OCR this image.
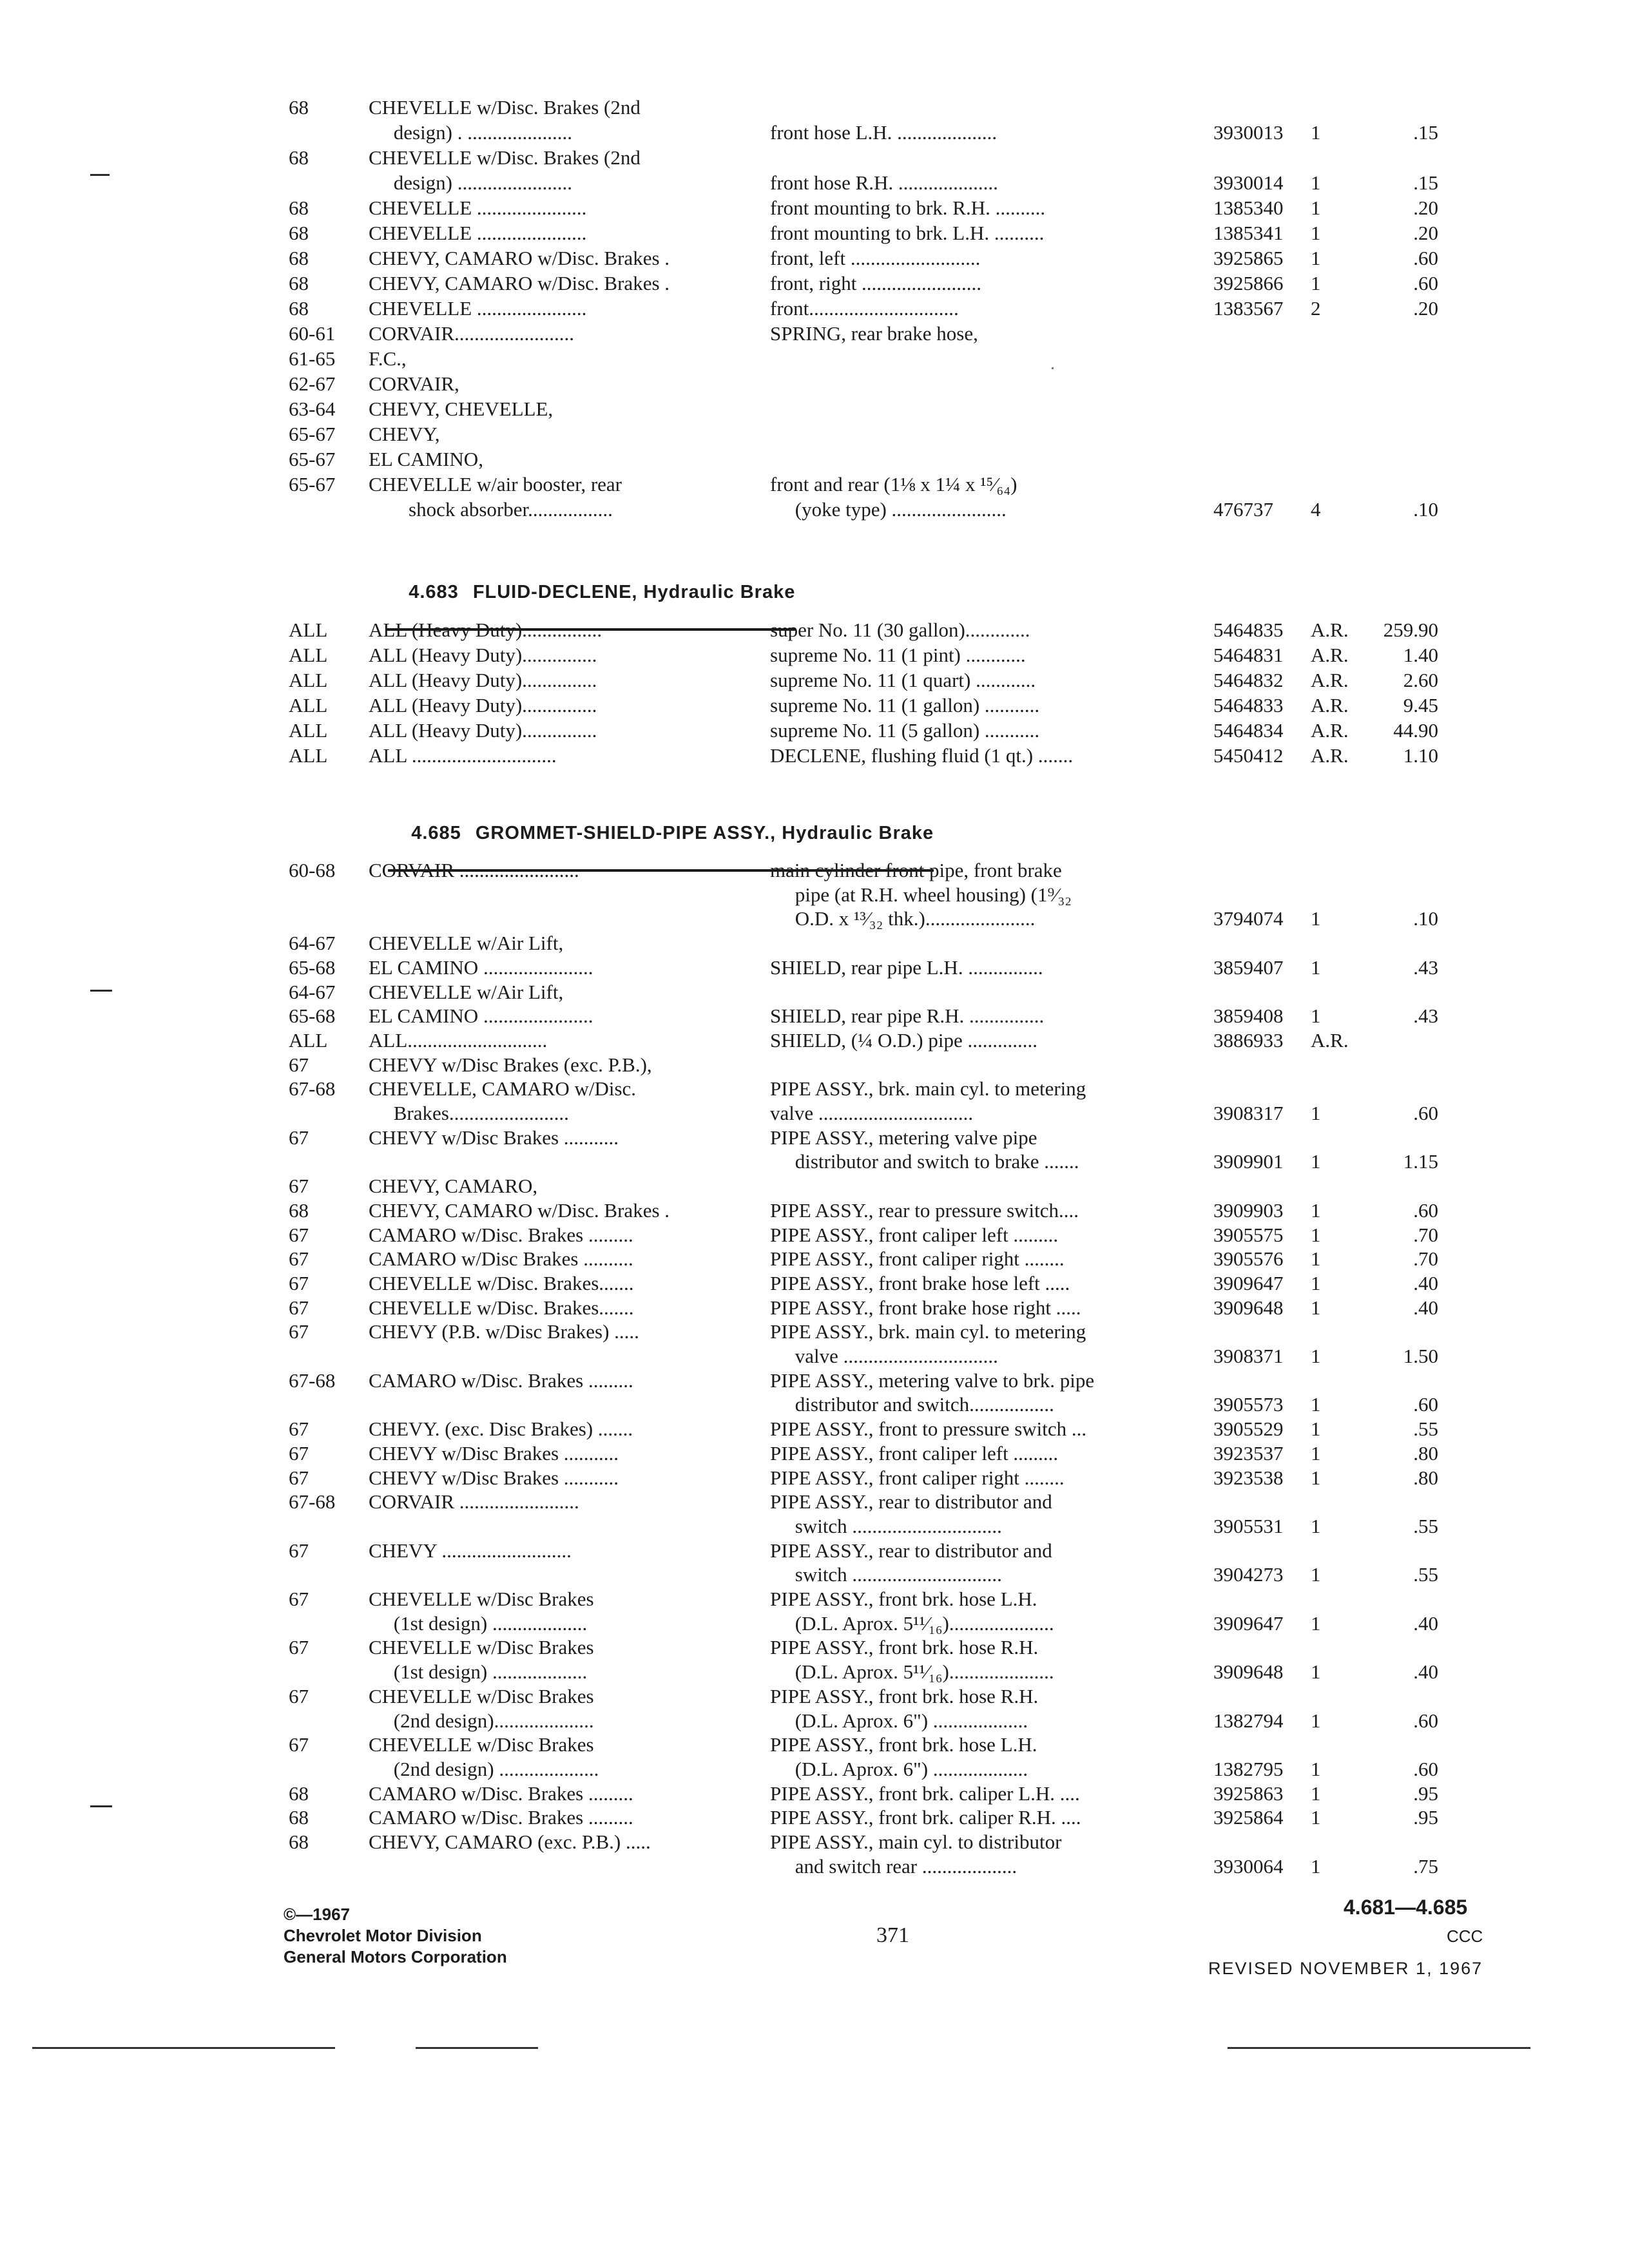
68	CHEVELLE w/Disc. Brakes (2nd
design) . .....................	front hose L.H. ....................	3930013 1	.15
68	CHEVELLE w/Disc. Brakes (2nd
design) .......................	front hose R.H. ....................	3930014 1	.15
68	CHEVELLE ......................	front mounting to brk. R.H. ..........	1385340 1	.20
68	CHEVELLE ......................	front mounting to brk. L.H. ..........	1385341 1	.20
68	CHEVY, CAMARO w/Disc. Brakes .	front, left ..........................	3925865 1	.60
68	CHEVY, CAMARO w/Disc. Brakes .	front, right ........................	3925866 1	.60
68	CHEVELLE ......................	front..............................	1383567 2	.20
60-61 CORVAIR........................	SPRING, rear brake hose,
61-65 F.C.,
62-67 CORVAIR,
63-64 CHEVY, CHEVELLE,
65-67 CHEVY,
65-67 EL CAMINO,
65-67 CHEVELLE w/air booster, rear	front and rear (1⅛ x 1¼ x ¹⁵⁄₆₄)
shock absorber.................	(yoke type) .......................	476737 4	.10

4.683 FLUID-DECLENE, Hydraulic Brake

ALL ALL (Heavy Duty)................	super No. 11 (30 gallon).............	5464835 A.R.	259.90
ALL ALL (Heavy Duty)...............	supreme No. 11 (1 pint) ............	5464831 A.R.	1.40
ALL ALL (Heavy Duty)...............	supreme No. 11 (1 quart) ............	5464832 A.R.	2.60
ALL ALL (Heavy Duty)...............	supreme No. 11 (1 gallon) ...........	5464833 A.R.	9.45
ALL ALL (Heavy Duty)...............	supreme No. 11 (5 gallon) ...........	5464834 A.R.	44.90
ALL ALL .............................	DECLENE, flushing fluid (1 qt.) .......	5450412 A.R.	1.10

4.685 GROMMET-SHIELD-PIPE ASSY., Hydraulic Brake

60-68 CORVAIR ........................	main cylinder front pipe, front brake
pipe (at R.H. wheel housing) (1⁹⁄₃₂
O.D. x ¹³⁄₃₂ thk.)......................	3794074 1	.10
64-67 CHEVELLE w/Air Lift,
65-68 EL CAMINO ......................	SHIELD, rear pipe L.H. ...............	3859407 1	.43
64-67 CHEVELLE w/Air Lift,
65-68 EL CAMINO ......................	SHIELD, rear pipe R.H. ...............	3859408 1	.43
ALL ALL............................	SHIELD, (¼ O.D.) pipe ..............	3886933 A.R.
67	CHEVY w/Disc Brakes (exc. P.B.),
67-68 CHEVELLE, CAMARO w/Disc.	PIPE ASSY., brk. main cyl. to metering
Brakes........................	valve ...............................	3908317 1	.60
67	CHEVY w/Disc Brakes ...........	PIPE ASSY., metering valve pipe
distributor and switch to brake .......	3909901 1	1.15
67	CHEVY, CAMARO,
68	CHEVY, CAMARO w/Disc. Brakes .	PIPE ASSY., rear to pressure switch....	3909903 1	.60
67	CAMARO w/Disc. Brakes .........	PIPE ASSY., front caliper left .........	3905575 1	.70
67	CAMARO w/Disc Brakes ..........	PIPE ASSY., front caliper right ........	3905576 1	.70
67	CHEVELLE w/Disc. Brakes.......	PIPE ASSY., front brake hose left .....	3909647 1	.40
67	CHEVELLE w/Disc. Brakes.......	PIPE ASSY., front brake hose right .....	3909648 1	.40
67	CHEVY (P.B. w/Disc Brakes) .....	PIPE ASSY., brk. main cyl. to metering
valve ...............................	3908371 1	1.50
67-68 CAMARO w/Disc. Brakes .........	PIPE ASSY., metering valve to brk. pipe
distributor and switch.................	3905573 1	.60
67	CHEVY. (exc. Disc Brakes) .......	PIPE ASSY., front to pressure switch ...	3905529 1	.55
67	CHEVY w/Disc Brakes ...........	PIPE ASSY., front caliper left .........	3923537 1	.80
67	CHEVY w/Disc Brakes ...........	PIPE ASSY., front caliper right ........	3923538 1	.80
67-68 CORVAIR ........................	PIPE ASSY., rear to distributor and
switch ..............................	3905531 1	.55
67	CHEVY ..........................	PIPE ASSY., rear to distributor and
switch ..............................	3904273 1	.55
67	CHEVELLE w/Disc Brakes	PIPE ASSY., front brk. hose L.H.
(1st design) ...................	(D.L. Aprox. 5¹¹⁄₁₆).....................	3909647 1	.40
67	CHEVELLE w/Disc Brakes	PIPE ASSY., front brk. hose R.H.
(1st design) ...................	(D.L. Aprox. 5¹¹⁄₁₆).....................	3909648 1	.40
67	CHEVELLE w/Disc Brakes	PIPE ASSY., front brk. hose R.H.
(2nd design)....................	(D.L. Aprox. 6") ...................	1382794 1	.60
67	CHEVELLE w/Disc Brakes	PIPE ASSY., front brk. hose L.H.
(2nd design) ....................	(D.L. Aprox. 6") ...................	1382795 1	.60
68	CAMARO w/Disc. Brakes .........	PIPE ASSY., front brk. caliper L.H. ....	3925863 1	.95
68	CAMARO w/Disc. Brakes .........	PIPE ASSY., front brk. caliper R.H. ....	3925864 1	.95
68	CHEVY, CAMARO (exc. P.B.) .....	PIPE ASSY., main cyl. to distributor
and switch rear ...................	3930064 1	.75
©—1967
Chevrolet Motor Division
General Motors Corporation
371
4.681—4.685
CCC
REVISED NOVEMBER 1, 1967
